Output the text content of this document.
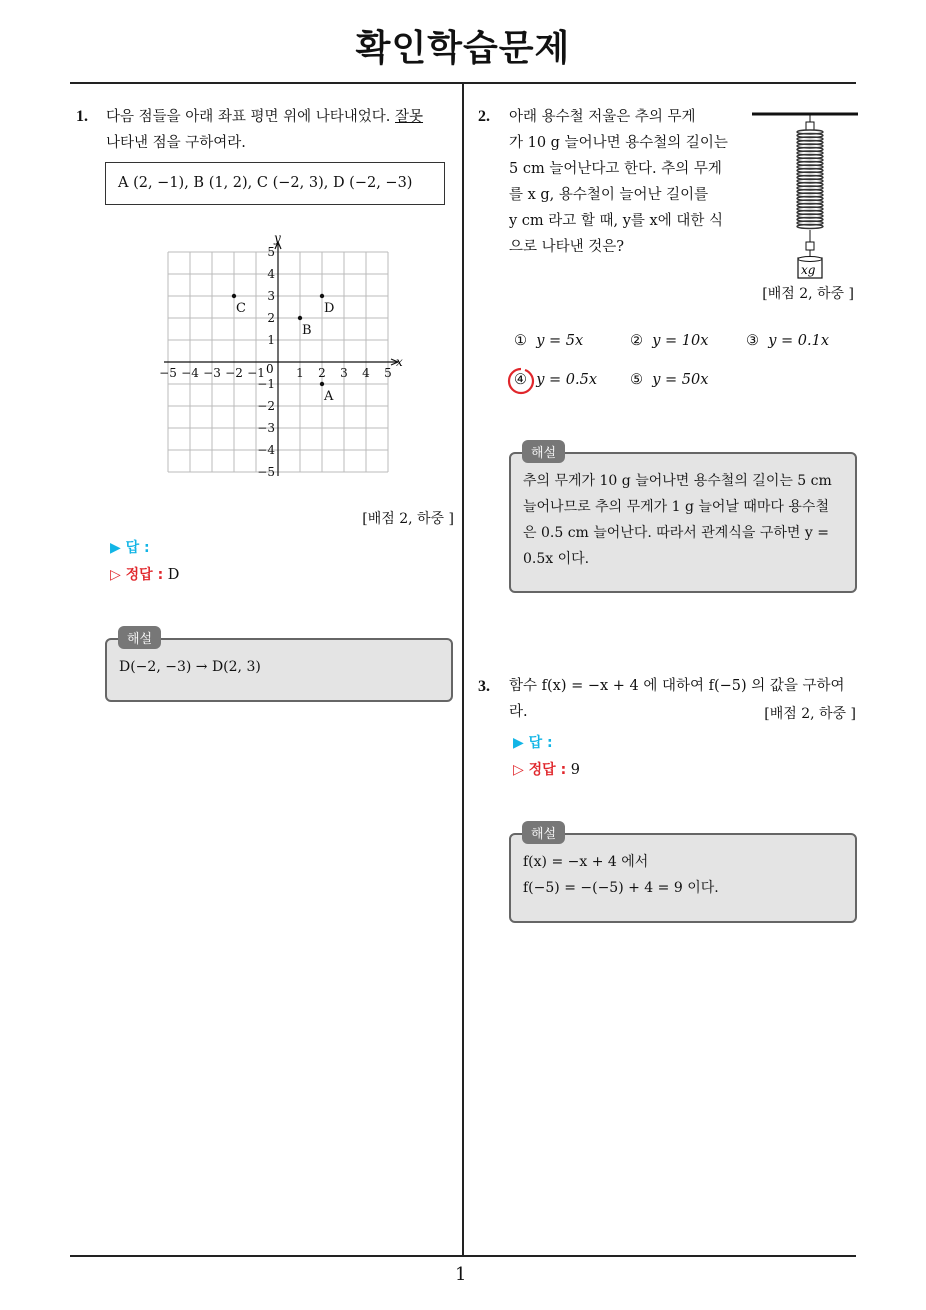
확인학습문제
1
1. 다음 점들을 아래 좌표 평면 위에 나타내었다. 잘못
나타낸 점을 구하여라.
A (2, −1), B (1, 2), C (−2, 3), D (−2, −3)
−5 −4 −3 −2 −1	1 2 3 4 5
5
4
3
2
1
−1
−2
−3
−4
−5
A
B
C	D
x
y
0
[배점 2, 하중 ]
▶ 답 :
▷ 정답 : D
D(−2, −3) → D(2, 3)
해설
2. 아래 용수철 저울은 추의 무게
가 10 g 늘어나면 용수철의 길이는
5 cm 늘어난다고 한다. 추의 무게
를 x g, 용수철이 늘어난 길이를
y cm 라고 할 때, y를 x에 대한 식
으로 나타낸 것은?
xg
[배점 2, 하중 ]
① y = 5x	② y = 10x	③ y = 0.1x
④ y = 0.5x ⑤ y = 50x
추의 무게가 10 g 늘어나면 용수철의 길이는 5 cm
늘어나므로 추의 무게가 1 g 늘어날 때마다 용수철
은 0.5 cm 늘어난다. 따라서 관계식을 구하면 y =
0.5x 이다.
해설
3. 함수 f(x) = −x + 4 에 대하여 f(−5) 의 값을 구하여
라.	[배점 2, 하중 ]
▶ 답 :
▷ 정답 : 9
f(x) = −x + 4 에서
f(−5) = −(−5) + 4 = 9 이다.
해설
